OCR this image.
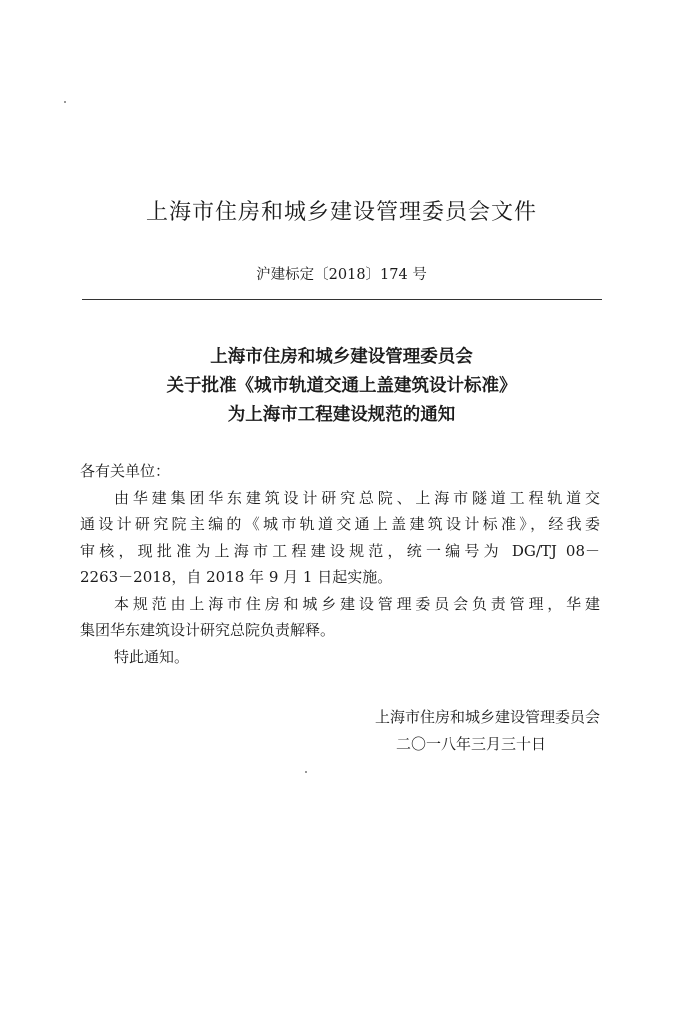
上海市住房和城乡建设管理委员会文件
沪建标定〔2018〕174 号
上海市住房和城乡建设管理委员会
关于批准《城市轨道交通上盖建筑设计标准》
为上海市工程建设规范的通知
各有关单位：
由华建集团华东建筑设计研究总院、上海市隧道工程轨道交
通设计研究院主编的《城市轨道交通上盖建筑设计标准》，经我委
审核，现批准为上海市工程建设规范，统一编号为 DG/TJ 08－
2263－2018，自 2018 年 9 月 1 日起实施。
本规范由上海市住房和城乡建设管理委员会负责管理，华建
集团华东建筑设计研究总院负责解释。
特此通知。
上海市住房和城乡建设管理委员会
二〇一八年三月三十日
